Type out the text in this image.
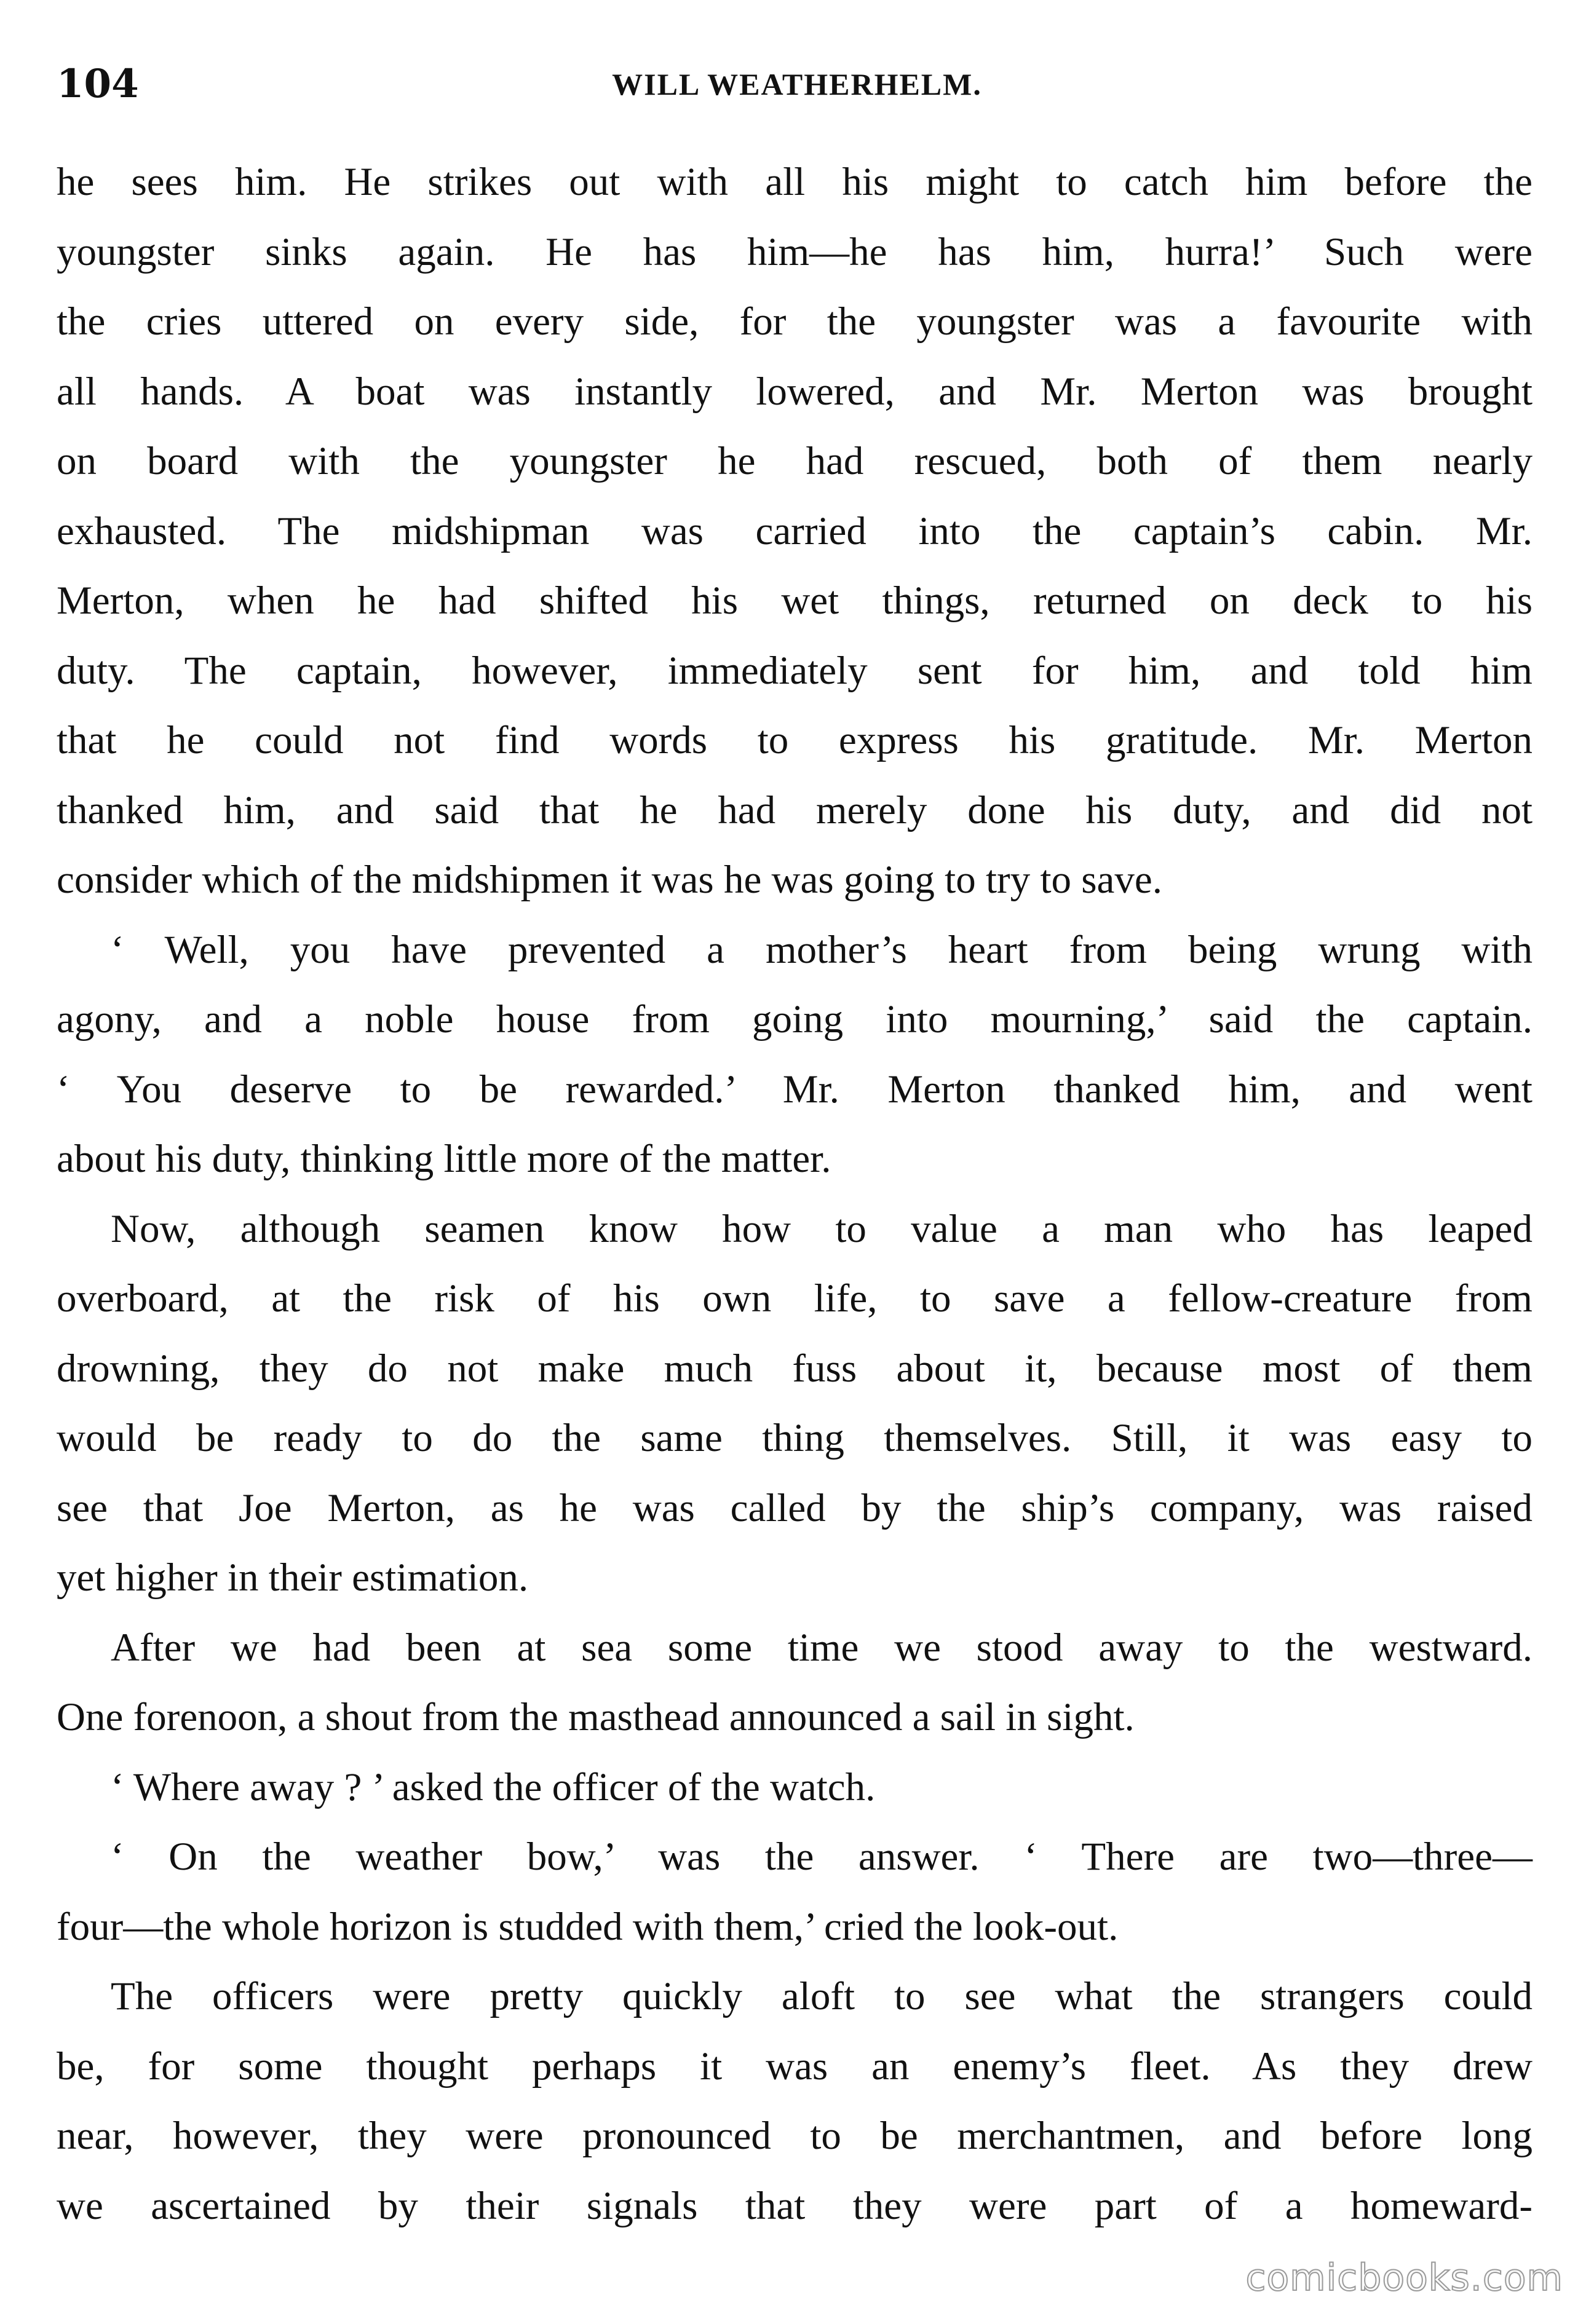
104	WILL WEATHERHELM.
he sees him. He strikes out with all his might to catch him before the
youngster sinks again. He has him—he has him, hurra!’ Such were
the cries uttered on every side, for the youngster was a favourite with
all hands. A boat was instantly lowered, and Mr. Merton was brought
on board with the youngster he had rescued, both of them nearly
exhausted. The midshipman was carried into the captain’s cabin. Mr.
Merton, when he had shifted his wet things, returned on deck to his
duty. The captain, however, immediately sent for him, and told him
that he could not find words to express his gratitude. Mr. Merton
thanked him, and said that he had merely done his duty, and did not
consider which of the midshipmen it was he was going to try to save.
‘ Well, you have prevented a mother’s heart from being wrung with
agony, and a noble house from going into mourning,’ said the captain.
‘ You deserve to be rewarded.’ Mr. Merton thanked him, and went
about his duty, thinking little more of the matter.
Now, although seamen know how to value a man who has leaped
overboard, at the risk of his own life, to save a fellow-creature from
drowning, they do not make much fuss about it, because most of them
would be ready to do the same thing themselves. Still, it was easy to
see that Joe Merton, as he was called by the ship’s company, was raised
yet higher in their estimation.
After we had been at sea some time we stood away to the westward.
One forenoon, a shout from the masthead announced a sail in sight.
‘ Where away ? ’ asked the officer of the watch.
‘ On the weather bow,’ was the answer. ‘ There are two—three—
four—the whole horizon is studded with them,’ cried the look-out.
The officers were pretty quickly aloft to see what the strangers could
be, for some thought perhaps it was an enemy’s fleet. As they drew
near, however, they were pronounced to be merchantmen, and before long
we ascertained by their signals that they were part of a homeward-
comicbooks.com
